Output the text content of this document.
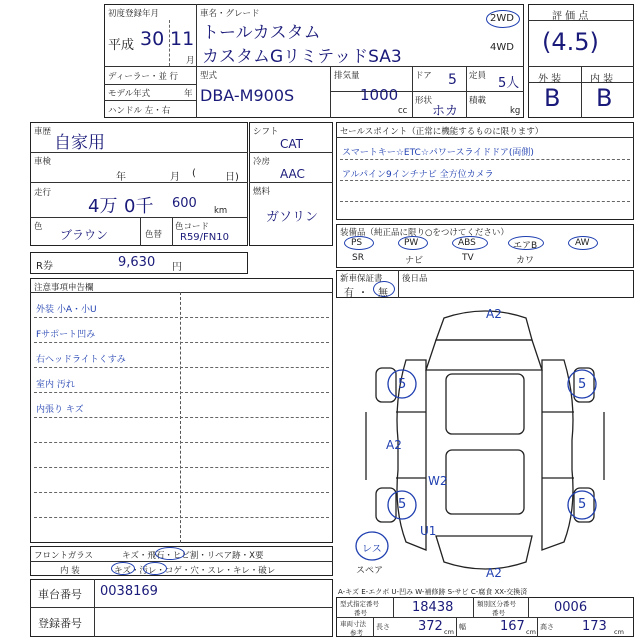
初度登録年月
平成 30 11
月
車名・グレード
トールカスタム
カスタムGリミテッドSA3
2WD
4WD
ディーラー・並 行
モデル年式	年
ハンドル 左・右
型式
DBA-M900S
排気量
1000
cc
ドア 5 定員 5人
形状
ホカ
積載
kg
評 価 点
(4.5)
外 装	内 装
B B
車歴
自家用
車検
年	月 (	日)
走行
4万 0千 600 km
色
ブラウン	色替
色コード
R59/FN10
シフト
CAT
冷房
AAC
燃料
ガソリン
セールスポイント（正常に機能するものに限ります）
スマートキー☆ETC☆パワースライドドア(両側)
アルパイン9インチナビ 全方位カメラ
装備品（純正品に限り○をつけてください）
PS	PW	ABS	エアB	AW
SR	ナビ	TV	カワ
R券	9,630 円
新車保証書 後日品
有 ・ 無
注意事項申告欄
外装 小A・小U
Fサポート凹み
右ヘッドライトくすみ
室内 汚れ
内張り キズ
フロントガラス	キズ・飛石・ヒビ割・リペア跡・X要
内 装	キズ・汚レ・コゲ・穴・スレ・キレ・破レ
車台番号 0038169
登録番号
A2
A2
W2
U1
A2
5	5
5	5
レス
スペア
A-キズ E-エクボ U-凹み W-補修跡 S-サビ C-腐食 XX-交換済
型式指定番号
番号	18438	類別区分番号
番号	0006
車両寸法
参考
長さ 372 cm
幅	167 cm
高さ 173 cm
